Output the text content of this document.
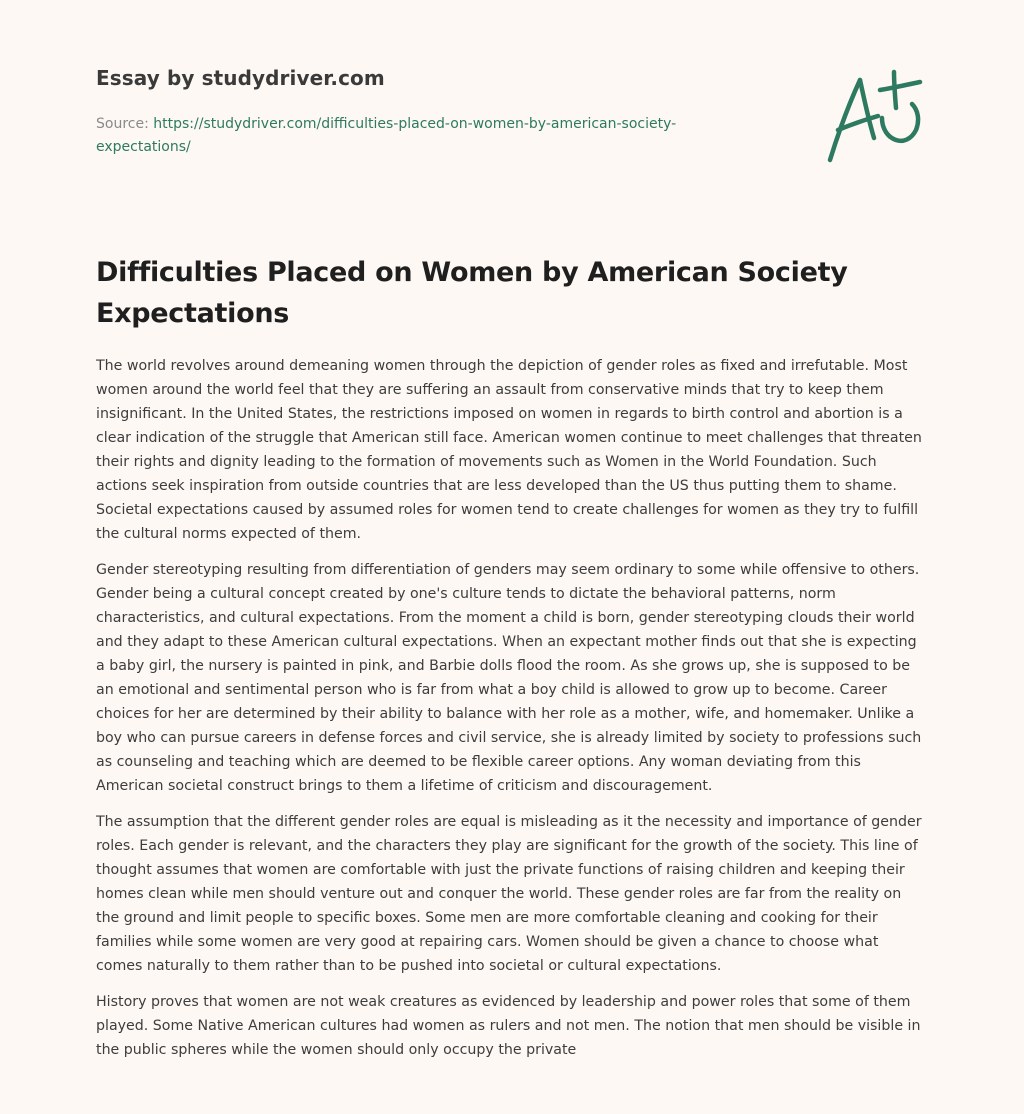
Essay by studydriver.com
Source: https://studydriver.com/difficulties-placed-on-women-by-american-society-expectations/
Difficulties Placed on Women by American Society Expectations

The world revolves around demeaning women through the depiction of gender roles as fixed and irrefutable. Most women around the world feel that they are suffering an assault from conservative minds that try to keep them insignificant. In the United States, the restrictions imposed on women in regards to birth control and abortion is a clear indication of the struggle that American still face. American women continue to meet challenges that threaten their rights and dignity leading to the formation of movements such as Women in the World Foundation. Such actions seek inspiration from outside countries that are less developed than the US thus putting them to shame. Societal expectations caused by assumed roles for women tend to create challenges for women as they try to fulfill the cultural norms expected of them.

Gender stereotyping resulting from differentiation of genders may seem ordinary to some while offensive to others. Gender being a cultural concept created by one's culture tends to dictate the behavioral patterns, norm characteristics, and cultural expectations. From the moment a child is born, gender stereotyping clouds their world and they adapt to these American cultural expectations. When an expectant mother finds out that she is expecting a baby girl, the nursery is painted in pink, and Barbie dolls flood the room. As she grows up, she is supposed to be an emotional and sentimental person who is far from what a boy child is allowed to grow up to become. Career choices for her are determined by their ability to balance with her role as a mother, wife, and homemaker. Unlike a boy who can pursue careers in defense forces and civil service, she is already limited by society to professions such as counseling and teaching which are deemed to be flexible career options. Any woman deviating from this American societal construct brings to them a lifetime of criticism and discouragement.

The assumption that the different gender roles are equal is misleading as it the necessity and importance of gender roles. Each gender is relevant, and the characters they play are significant for the growth of the society. This line of thought assumes that women are comfortable with just the private functions of raising children and keeping their homes clean while men should venture out and conquer the world. These gender roles are far from the reality on the ground and limit people to specific boxes. Some men are more comfortable cleaning and cooking for their families while some women are very good at repairing cars. Women should be given a chance to choose what comes naturally to them rather than to be pushed into societal or cultural expectations.

History proves that women are not weak creatures as evidenced by leadership and power roles that some of them played. Some Native American cultures had women as rulers and not men. The notion that men should be visible in the public spheres while the women should only occupy the private
